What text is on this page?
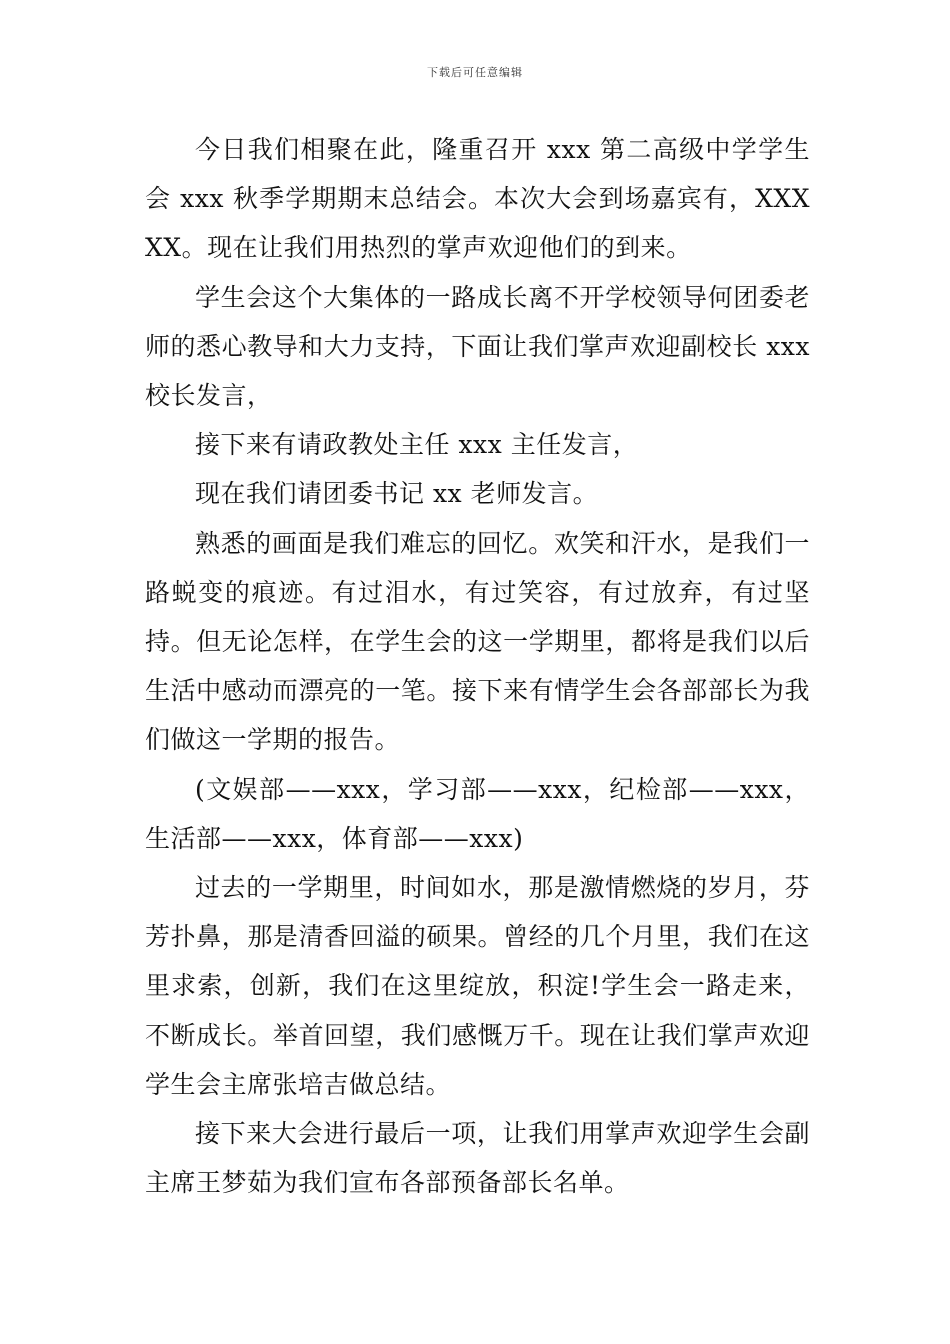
下载后可任意编辑

今日我们相聚在此，隆重召开 xxx 第二高级中学学生会 xxx 秋季学期期末总结会。本次大会到场嘉宾有，XXXXX。现在让我们用热烈的掌声欢迎他们的到来。

学生会这个大集体的一路成长离不开学校领导何团委老师的悉心教导和大力支持，下面让我们掌声欢迎副校长 xxx 校长发言，

接下来有请政教处主任 xxx 主任发言，

现在我们请团委书记 xx 老师发言。

熟悉的画面是我们难忘的回忆。欢笑和汗水，是我们一路蜕变的痕迹。有过泪水，有过笑容，有过放弃，有过坚持。但无论怎样，在学生会的这一学期里，都将是我们以后生活中感动而漂亮的一笔。接下来有情学生会各部部长为我们做这一学期的报告。

(文娱部——xxx，学习部——xxx，纪检部——xxx，生活部——xxx，体育部——xxx)

过去的一学期里，时间如水，那是激情燃烧的岁月，芬芳扑鼻，那是清香回溢的硕果。曾经的几个月里，我们在这里求索，创新，我们在这里绽放，积淀!学生会一路走来，不断成长。举首回望，我们感慨万千。现在让我们掌声欢迎学生会主席张培吉做总结。

接下来大会进行最后一项，让我们用掌声欢迎学生会副主席王梦茹为我们宣布各部预备部长名单。
